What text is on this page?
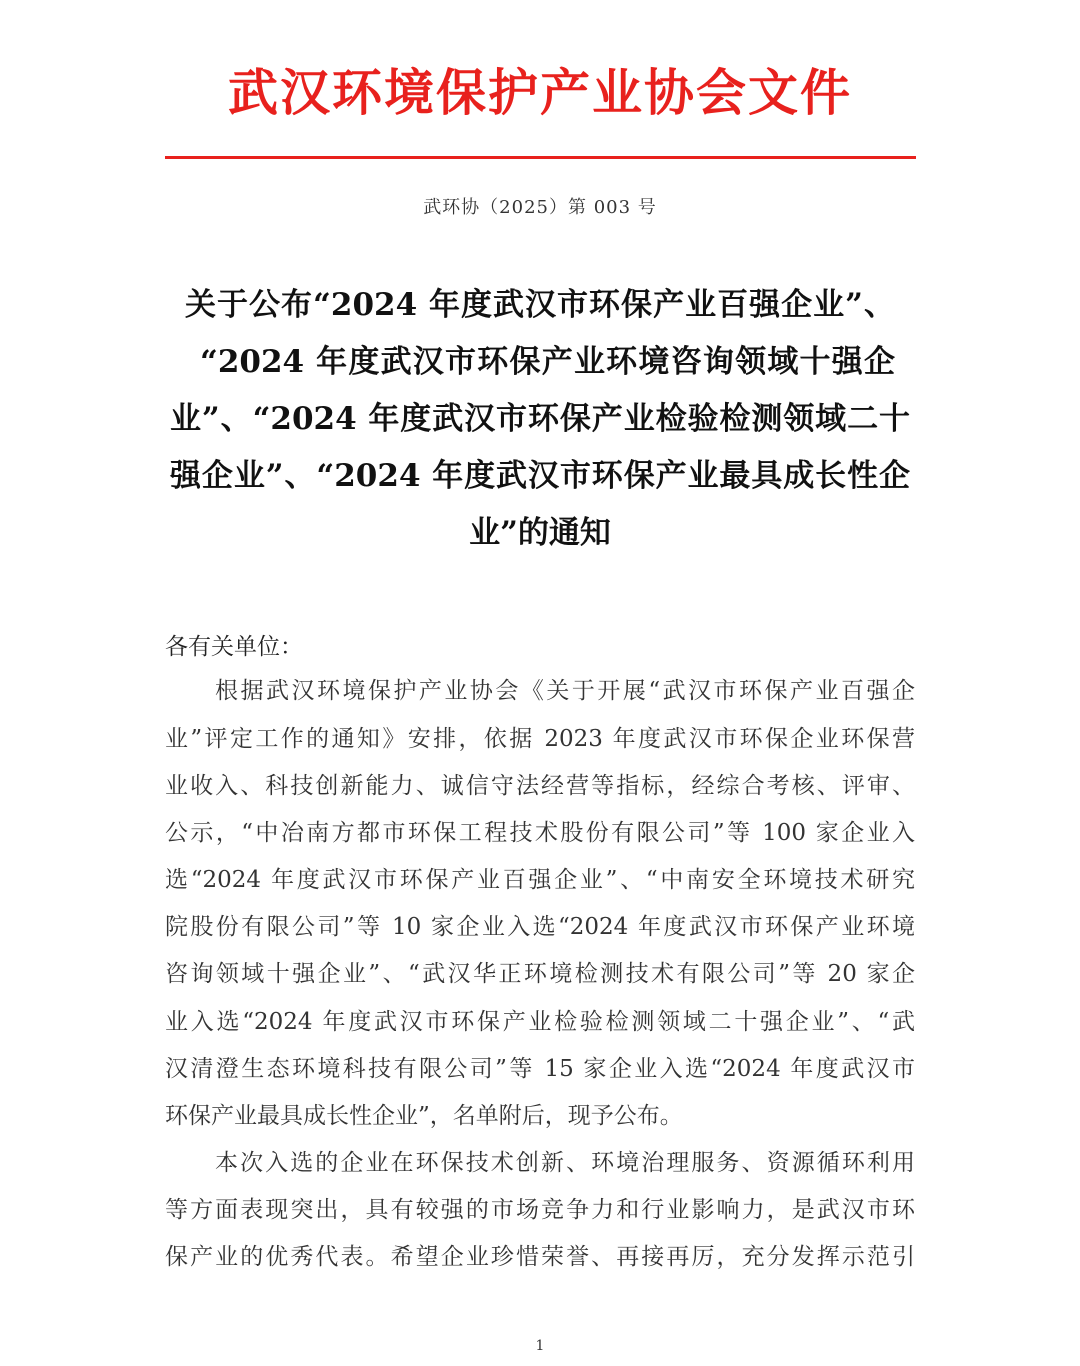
武汉环境保护产业协会文件
武环协（2025）第 003 号
关于公布“2024 年度武汉市环保产业百强企业”、
“2024 年度武汉市环保产业环境咨询领域十强企
业”、“2024 年度武汉市环保产业检验检测领域二十
强企业”、“2024 年度武汉市环保产业最具成长性企
业”的通知
各有关单位：
根据武汉环境保护产业协会《关于开展“武汉市环保产业百强企
业”评定工作的通知》安排，依据 2023 年度武汉市环保企业环保营
业收入、科技创新能力、诚信守法经营等指标，经综合考核、评审、
公示，“中冶南方都市环保工程技术股份有限公司”等 100 家企业入
选“2024 年度武汉市环保产业百强企业”、“中南安全环境技术研究
院股份有限公司”等 10 家企业入选“2024 年度武汉市环保产业环境
咨询领域十强企业”、“武汉华正环境检测技术有限公司”等 20 家企
业入选“2024 年度武汉市环保产业检验检测领域二十强企业”、“武
汉清澄生态环境科技有限公司”等 15 家企业入选“2024 年度武汉市
环保产业最具成长性企业”，名单附后，现予公布。
本次入选的企业在环保技术创新、环境治理服务、资源循环利用
等方面表现突出，具有较强的市场竞争力和行业影响力，是武汉市环
保产业的优秀代表。希望企业珍惜荣誉、再接再厉，充分发挥示范引
1
